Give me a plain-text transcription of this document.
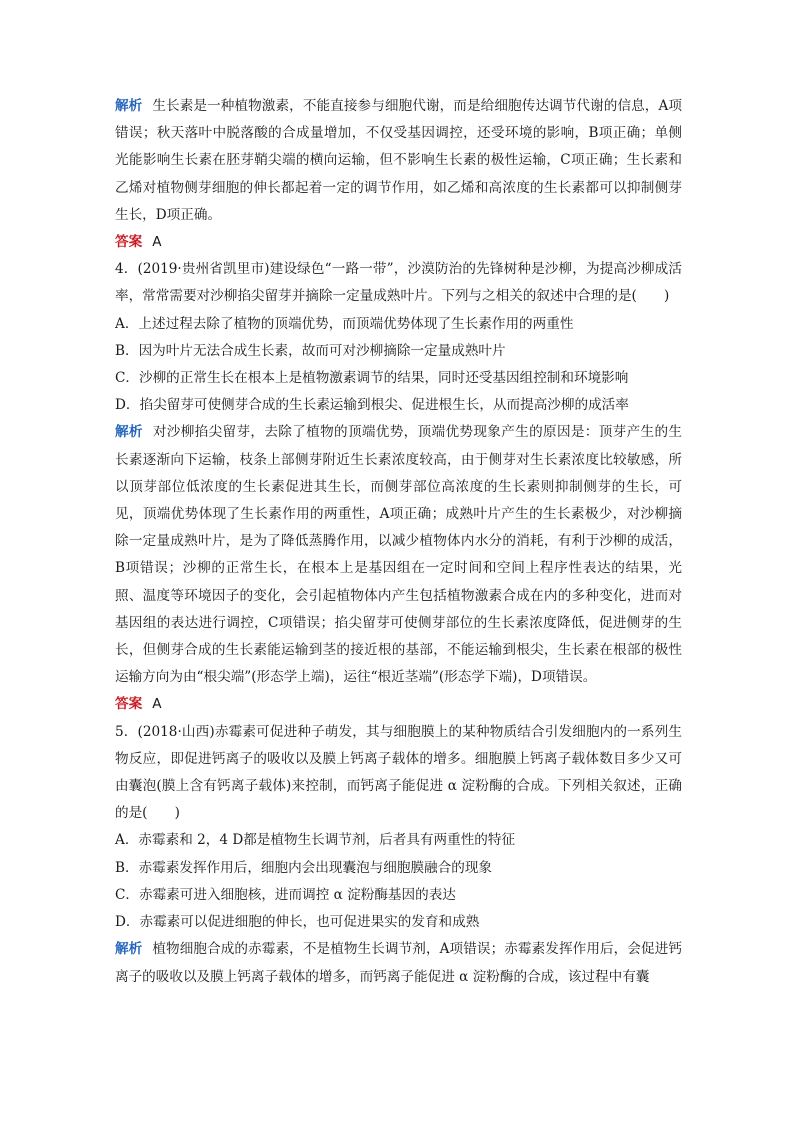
解析 生长素是一种植物激素，不能直接参与细胞代谢，而是给细胞传达调节代谢的信息，A项错误；秋天落叶中脱落酸的合成量增加，不仅受基因调控，还受环境的影响，B项正确；单侧光能影响生长素在胚芽鞘尖端的横向运输，但不影响生长素的极性运输，C项正确；生长素和乙烯对植物侧芽细胞的伸长都起着一定的调节作用，如乙烯和高浓度的生长素都可以抑制侧芽生长，D项正确。

答案 A

4．(2019·贵州省凯里市)建设绿色“一路一带”，沙漠防治的先锋树种是沙柳，为提高沙柳成活率，常常需要对沙柳掐尖留芽并摘除一定量成熟叶片。下列与之相关的叙述中合理的是(　　)

A．上述过程去除了植物的顶端优势，而顶端优势体现了生长素作用的两重性

B．因为叶片无法合成生长素，故而可对沙柳摘除一定量成熟叶片

C．沙柳的正常生长在根本上是植物激素调节的结果，同时还受基因组控制和环境影响

D．掐尖留芽可使侧芽合成的生长素运输到根尖、促进根生长，从而提高沙柳的成活率

解析 对沙柳掐尖留芽，去除了植物的顶端优势，顶端优势现象产生的原因是：顶芽产生的生长素逐渐向下运输，枝条上部侧芽附近生长素浓度较高，由于侧芽对生长素浓度比较敏感，所以顶芽部位低浓度的生长素促进其生长，而侧芽部位高浓度的生长素则抑制侧芽的生长，可见，顶端优势体现了生长素作用的两重性，A项正确；成熟叶片产生的生长素极少，对沙柳摘除一定量成熟叶片，是为了降低蒸腾作用，以减少植物体内水分的消耗，有利于沙柳的成活，B项错误；沙柳的正常生长，在根本上是基因组在一定时间和空间上程序性表达的结果，光照、温度等环境因子的变化，会引起植物体内产生包括植物激素合成在内的多种变化，进而对基因组的表达进行调控，C项错误；掐尖留芽可使侧芽部位的生长素浓度降低，促进侧芽的生长，但侧芽合成的生长素能运输到茎的接近根的基部，不能运输到根尖，生长素在根部的极性运输方向为由“根尖端”(形态学上端)，运往“根近茎端”(形态学下端)，D项错误。

答案 A

5．(2018·山西)赤霉素可促进种子萌发，其与细胞膜上的某种物质结合引发细胞内的一系列生物反应，即促进钙离子的吸收以及膜上钙离子载体的增多。细胞膜上钙离子载体数目多少又可由囊泡(膜上含有钙离子载体)来控制，而钙离子能促进 α 淀粉酶的合成。下列相关叙述，正确的是(　　)

A．赤霉素和 2，4 D都是植物生长调节剂，后者具有两重性的特征

B．赤霉素发挥作用后，细胞内会出现囊泡与细胞膜融合的现象

C．赤霉素可进入细胞核，进而调控 α 淀粉酶基因的表达

D．赤霉素可以促进细胞的伸长，也可促进果实的发育和成熟

解析 植物细胞合成的赤霉素，不是植物生长调节剂，A项错误；赤霉素发挥作用后，会促进钙离子的吸收以及膜上钙离子载体的增多，而钙离子能促进 α 淀粉酶的合成，该过程中有囊
